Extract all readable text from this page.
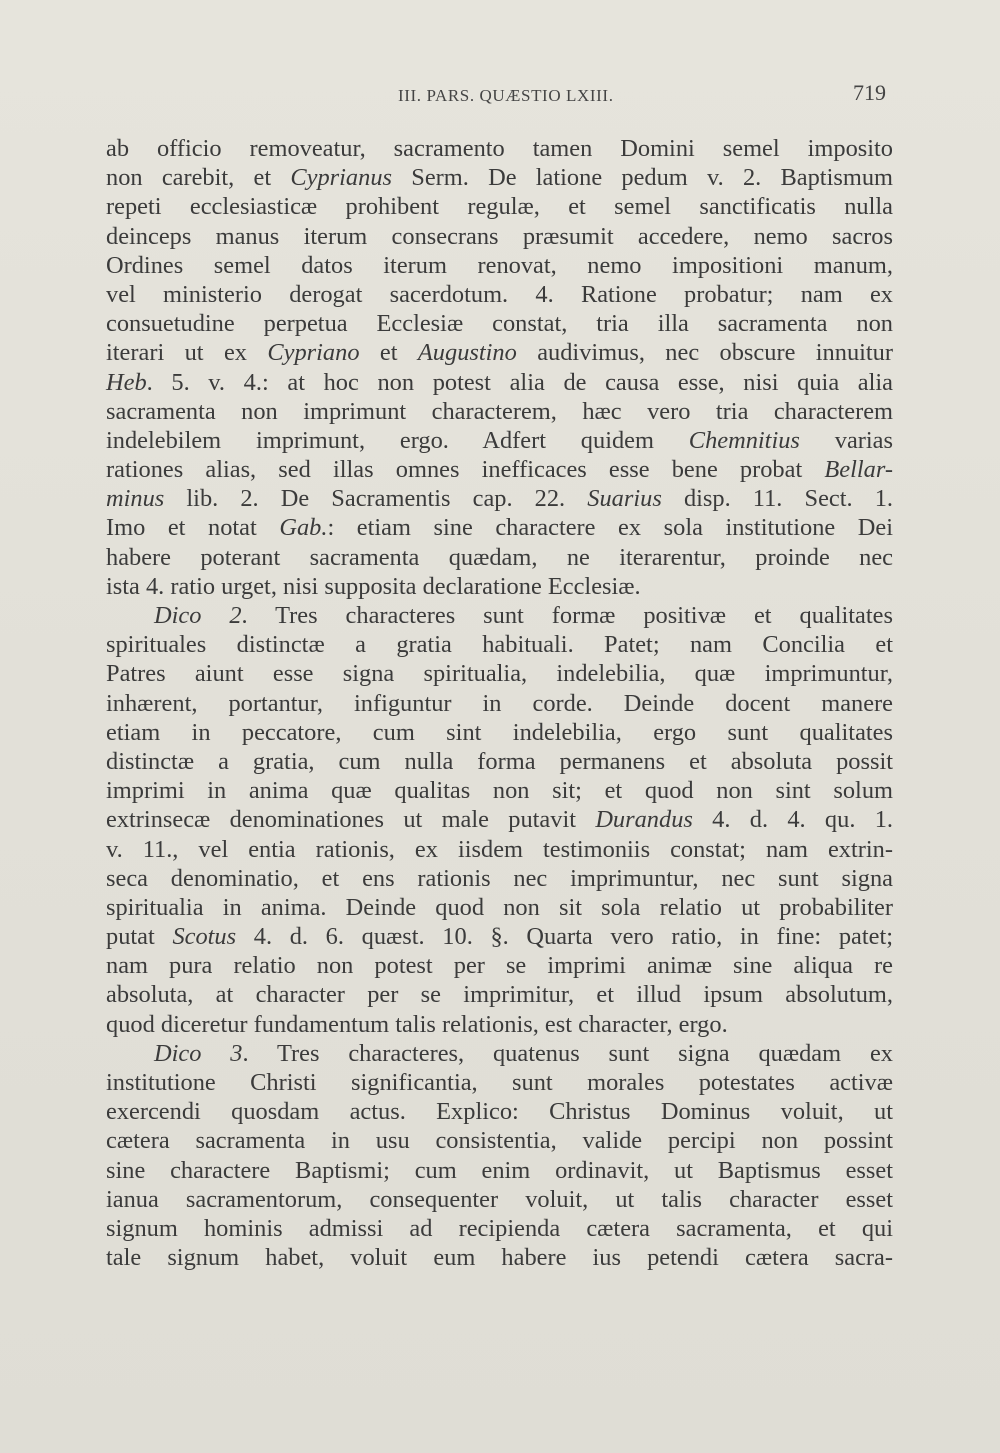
III. PARS. QUÆSTIO LXIII.	719
ab officio removeatur, sacramento tamen Domini semel imposito
non carebit, et Cyprianus Serm. De latione pedum v. 2. Baptismum
repeti ecclesiasticæ prohibent regulæ, et semel sanctificatis nulla
deinceps manus iterum consecrans præsumit accedere, nemo sacros
Ordines semel datos iterum renovat, nemo impositioni manum,
vel ministerio derogat sacerdotum. 4. Ratione probatur; nam ex
consuetudine perpetua Ecclesiæ constat, tria illa sacramenta non
iterari ut ex Cypriano et Augustino audivimus, nec obscure innuitur
Heb. 5. v. 4.: at hoc non potest alia de causa esse, nisi quia alia
sacramenta non imprimunt characterem, hæc vero tria characterem
indelebilem imprimunt, ergo. Adfert quidem Chemnitius varias
rationes alias, sed illas omnes inefficaces esse bene probat Bellar-
minus lib. 2. De Sacramentis cap. 22. Suarius disp. 11. Sect. 1.
Imo et notat Gab.: etiam sine charactere ex sola institutione Dei
habere poterant sacramenta quædam, ne iterarentur, proinde nec
ista 4. ratio urget, nisi supposita declaratione Ecclesiæ.
Dico 2. Tres characteres sunt formæ positivæ et qualitates
spirituales distinctæ a gratia habituali. Patet; nam Concilia et
Patres aiunt esse signa spiritualia, indelebilia, quæ imprimuntur,
inhærent, portantur, infiguntur in corde. Deinde docent manere
etiam in peccatore, cum sint indelebilia, ergo sunt qualitates
distinctæ a gratia, cum nulla forma permanens et absoluta possit
imprimi in anima quæ qualitas non sit; et quod non sint solum
extrinsecæ denominationes ut male putavit Durandus 4. d. 4. qu. 1.
v. 11., vel entia rationis, ex iisdem testimoniis constat; nam extrin-
seca denominatio, et ens rationis nec imprimuntur, nec sunt signa
spiritualia in anima. Deinde quod non sit sola relatio ut probabiliter
putat Scotus 4. d. 6. quæst. 10. §. Quarta vero ratio, in fine: patet;
nam pura relatio non potest per se imprimi animæ sine aliqua re
absoluta, at character per se imprimitur, et illud ipsum absolutum,
quod diceretur fundamentum talis relationis, est character, ergo.
Dico 3. Tres characteres, quatenus sunt signa quædam ex
institutione Christi significantia, sunt morales potestates activæ
exercendi quosdam actus. Explico: Christus Dominus voluit, ut
cætera sacramenta in usu consistentia, valide percipi non possint
sine charactere Baptismi; cum enim ordinavit, ut Baptismus esset
ianua sacramentorum, consequenter voluit, ut talis character esset
signum hominis admissi ad recipienda cætera sacramenta, et qui
tale signum habet, voluit eum habere ius petendi cætera sacra-
